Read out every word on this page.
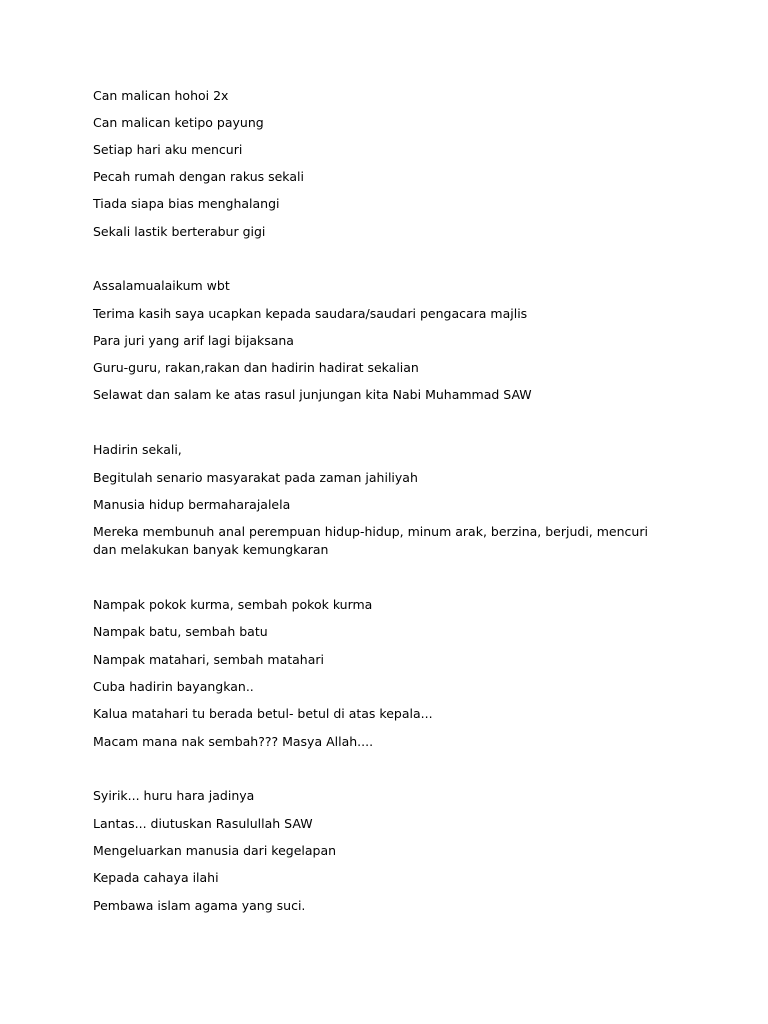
Can malican hohoi 2x
Can malican ketipo payung
Setiap hari aku mencuri
Pecah rumah dengan rakus sekali
Tiada siapa bias menghalangi
Sekali lastik berterabur gigi
Assalamualaikum wbt
Terima kasih saya ucapkan kepada saudara/saudari pengacara majlis
Para juri yang arif lagi bijaksana
Guru-guru, rakan,rakan dan hadirin hadirat sekalian
Selawat dan salam ke atas rasul junjungan kita Nabi Muhammad SAW
Hadirin sekali,
Begitulah senario masyarakat pada zaman jahiliyah
Manusia hidup bermaharajalela
Mereka membunuh anal perempuan hidup-hidup, minum arak, berzina, berjudi, mencuri dan melakukan banyak kemungkaran
Nampak pokok kurma, sembah pokok kurma
Nampak batu, sembah batu
Nampak matahari, sembah matahari
Cuba hadirin bayangkan..
Kalua matahari tu berada betul- betul di atas kepala...
Macam mana nak sembah??? Masya Allah....
Syirik... huru hara jadinya
Lantas... diutuskan Rasulullah SAW
Mengeluarkan manusia dari kegelapan
Kepada cahaya ilahi
Pembawa islam agama yang suci.
